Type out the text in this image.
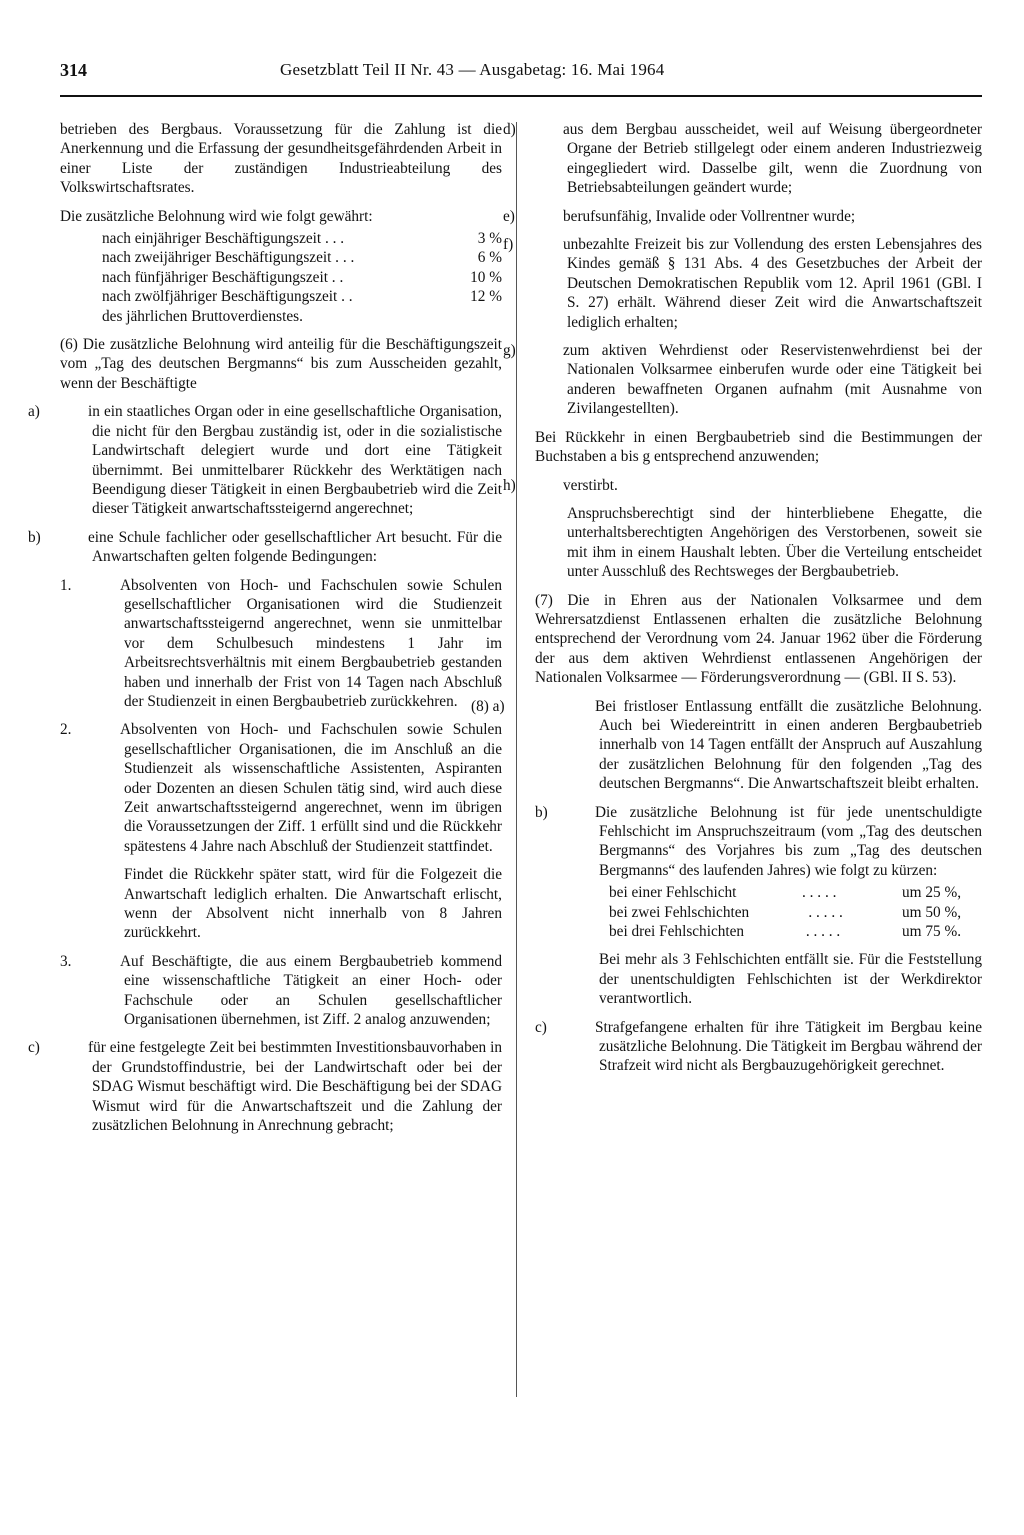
314	Gesetzblatt Teil II Nr. 43 — Ausgabetag: 16. Mai 1964

betrieben des Bergbaus. Voraussetzung für die Zahlung ist die Anerkennung und die Erfassung der gesundheitsgefährdenden Arbeit in einer Liste der zuständigen Industrieabteilung des Volkswirtschaftsrates.

Die zusätzliche Belohnung wird wie folgt gewährt:

nach einjähriger Beschäftigungszeit . . .	3 %
nach zweijähriger Beschäftigungszeit . . .	6 %
nach fünfjähriger Beschäftigungszeit . .	10 %
nach zwölfjähriger Beschäftigungszeit . .	12 %
des jährlichen Bruttoverdienstes.

(6) Die zusätzliche Belohnung wird anteilig für die Beschäftigungszeit vom „Tag des deutschen Bergmanns“ bis zum Ausscheiden gezahlt, wenn der Beschäftigte

a)	in ein staatliches Organ oder in eine gesellschaftliche Organisation, die nicht für den Bergbau zuständig ist, oder in die sozialistische Landwirtschaft delegiert wurde und dort eine Tätigkeit übernimmt. Bei unmittelbarer Rückkehr des Werktätigen nach Beendigung dieser Tätigkeit in einen Bergbaubetrieb wird die Zeit dieser Tätigkeit anwartschaftssteigernd angerechnet;

b)	eine Schule fachlicher oder gesellschaftlicher Art besucht. Für die Anwartschaften gelten folgende Bedingungen:

1.	Absolventen von Hoch- und Fachschulen sowie Schulen gesellschaftlicher Organisationen wird die Studienzeit anwartschaftssteigernd angerechnet, wenn sie unmittelbar vor dem Schulbesuch mindestens 1 Jahr im Arbeitsrechtsverhältnis mit einem Bergbaubetrieb gestanden haben und innerhalb der Frist von 14 Tagen nach Abschluß der Studienzeit in einen Bergbaubetrieb zurückkehren.

2.	Absolventen von Hoch- und Fachschulen sowie Schulen gesellschaftlicher Organisationen, die im Anschluß an die Studienzeit als wissenschaftliche Assistenten, Aspiranten oder Dozenten an diesen Schulen tätig sind, wird auch diese Zeit anwartschaftssteigernd angerechnet, wenn im übrigen die Voraussetzungen der Ziff. 1 erfüllt sind und die Rückkehr spätestens 4 Jahre nach Abschluß der Studienzeit stattfindet.

Findet die Rückkehr später statt, wird für die Folgezeit die Anwartschaft lediglich erhalten. Die Anwartschaft erlischt, wenn der Absolvent nicht innerhalb von 8 Jahren zurückkehrt.

3.	Auf Beschäftigte, die aus einem Bergbaubetrieb kommend eine wissenschaftliche Tätigkeit an einer Hoch- oder Fachschule oder an Schulen gesellschaftlicher Organisationen übernehmen, ist Ziff. 2 analog anzuwenden;

c)	für eine festgelegte Zeit bei bestimmten Investitionsbauvorhaben in der Grundstoffindustrie, bei der Landwirtschaft oder bei der SDAG Wismut beschäftigt wird. Die Beschäftigung bei der SDAG Wismut wird für die Anwartschaftszeit und die Zahlung der zusätzlichen Belohnung in Anrechnung gebracht;

d)	aus dem Bergbau ausscheidet, weil auf Weisung übergeordneter Organe der Betrieb stillgelegt oder einem anderen Industriezweig eingegliedert wird. Dasselbe gilt, wenn die Zuordnung von Betriebsabteilungen geändert wurde;

e)	berufsunfähig, Invalide oder Vollrentner wurde;

f)	unbezahlte Freizeit bis zur Vollendung des ersten Lebensjahres des Kindes gemäß § 131 Abs. 4 des Gesetzbuches der Arbeit der Deutschen Demokratischen Republik vom 12. April 1961 (GBl. I S. 27) erhält. Während dieser Zeit wird die Anwartschaftszeit lediglich erhalten;

g)	zum aktiven Wehrdienst oder Reservistenwehrdienst bei der Nationalen Volksarmee einberufen wurde oder eine Tätigkeit bei anderen bewaffneten Organen aufnahm (mit Ausnahme von Zivilangestellten).

Bei Rückkehr in einen Bergbaubetrieb sind die Bestimmungen der Buchstaben a bis g entsprechend anzuwenden;

h)	verstirbt.

Anspruchsberechtigt sind der hinterbliebene Ehegatte, die unterhaltsberechtigten Angehörigen des Verstorbenen, soweit sie mit ihm in einem Haushalt lebten. Über die Verteilung entscheidet unter Ausschluß des Rechtsweges der Bergbaubetrieb.

(7) Die in Ehren aus der Nationalen Volksarmee und dem Wehrersatzdienst Entlassenen erhalten die zusätzliche Belohnung entsprechend der Verordnung vom 24. Januar 1962 über die Förderung der aus dem aktiven Wehrdienst entlassenen Angehörigen der Nationalen Volksarmee — Förderungsverordnung — (GBl. II S. 53).

(8) a)	Bei fristloser Entlassung entfällt die zusätzliche Belohnung. Auch bei Wiedereintritt in einen anderen Bergbaubetrieb innerhalb von 14 Tagen entfällt der Anspruch auf Auszahlung der zusätzlichen Belohnung für den folgenden „Tag des deutschen Bergmanns“. Die Anwartschaftszeit bleibt erhalten.

b)	Die zusätzliche Belohnung ist für jede unentschuldigte Fehlschicht im Anspruchszeitraum (vom „Tag des deutschen Bergmanns“ des Vorjahres bis zum „Tag des deutschen Bergmanns“ des laufenden Jahres) wie folgt zu kürzen:

bei einer Fehlschicht	. . . . .	um 25 %,
bei zwei Fehlschichten	. . . . .	um 50 %,
bei drei Fehlschichten	. . . . .	um 75 %.

Bei mehr als 3 Fehlschichten entfällt sie. Für die Feststellung der unentschuldigten Fehlschichten ist der Werkdirektor verantwortlich.

c)	Strafgefangene erhalten für ihre Tätigkeit im Bergbau keine zusätzliche Belohnung. Die Tätigkeit im Bergbau während der Strafzeit wird nicht als Bergbauzugehörigkeit gerechnet.
